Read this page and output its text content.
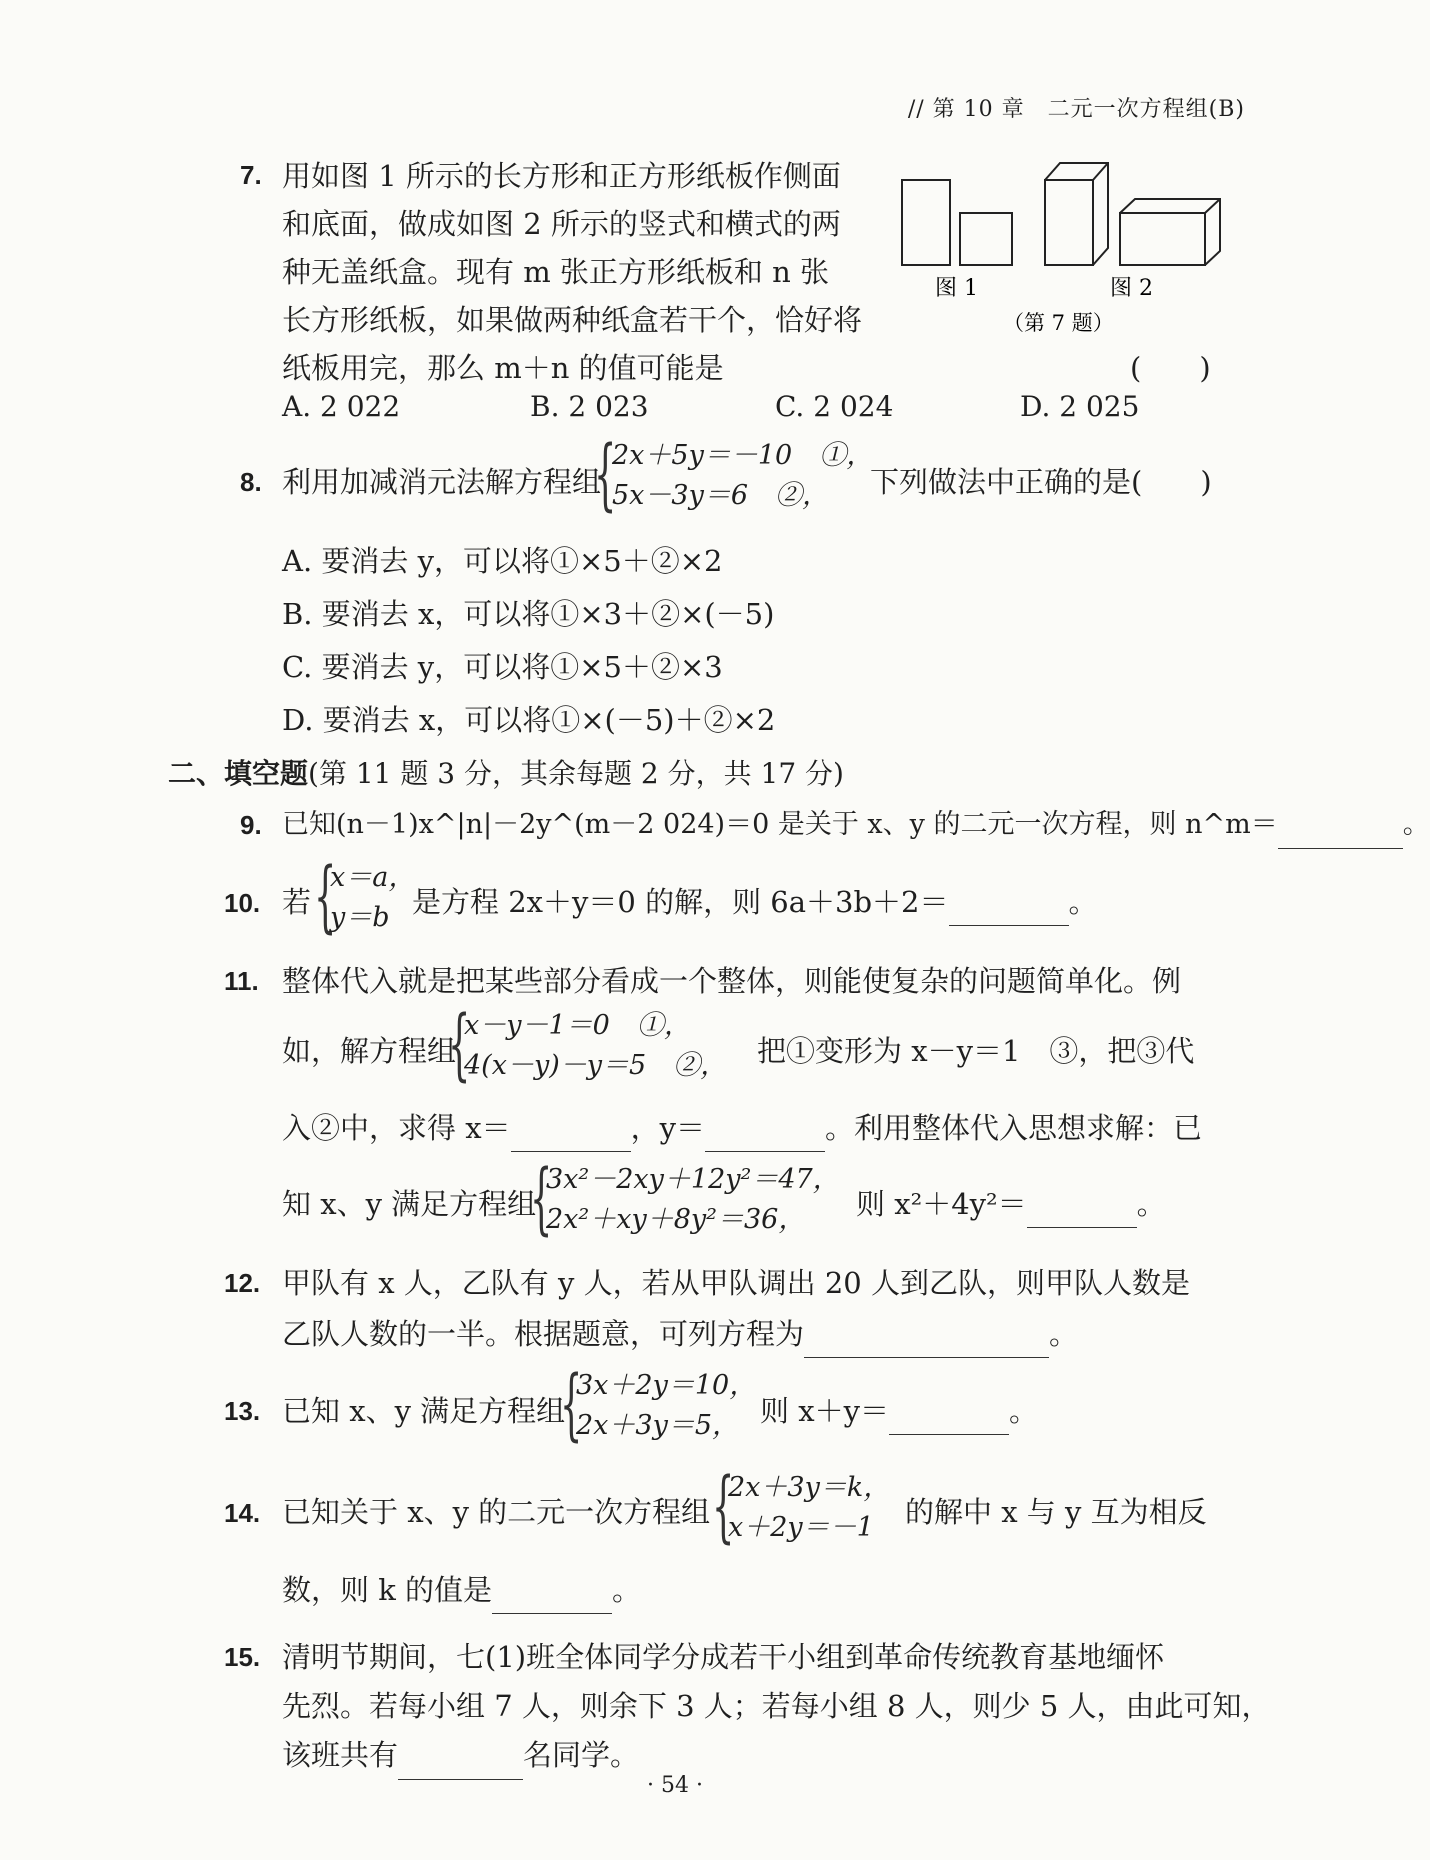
// 第 10 章　二元一次方程组(B)
7. 用如图 1 所示的长方形和正方形纸板作侧面
和底面，做成如图 2 所示的竖式和横式的两
种无盖纸盒。现有 m 张正方形纸板和 n 张
长方形纸板，如果做两种纸盒若干个，恰好将
纸板用完，那么 m＋n 的值可能是	(　　)
图 1	图 2
（第 7 题）
A. 2 022	B. 2 023	C. 2 024	D. 2 025
8. 利用加减消元法解方程组
{
2x＋5y＝－10　①，
5x－3y＝6　②，	下列做法中正确的是(　　)
A. 要消去 y，可以将①×5＋②×2
B. 要消去 x，可以将①×3＋②×(－5)
C. 要消去 y，可以将①×5＋②×3
D. 要消去 x，可以将①×(－5)＋②×2
二、填空题(第 11 题 3 分，其余每题 2 分，共 17 分)
9. 已知(n－1)x^|n|－2y^(m－2 024)＝0 是关于 x、y 的二元一次方程，则 n^m＝	。
10. 若 {
x＝a，
y＝b 是方程 2x＋y＝0 的解，则 6a＋3b＋2＝	。
11. 整体代入就是把某些部分看成一个整体，则能使复杂的问题简单化。例
如，解方程组
{
x－y－1＝0　①，
4(x－y)－y＝5　②， 把①变形为 x－y＝1　③，把③代
入②中，求得 x＝	，y＝	。利用整体代入思想求解：已
知 x、y 满足方程组
{
3x²－2xy＋12y²＝47，
2x²＋xy＋8y²＝36，	则 x²＋4y²＝	。
12. 甲队有 x 人，乙队有 y 人，若从甲队调出 20 人到乙队，则甲队人数是
乙队人数的一半。根据题意，可列方程为	。
13. 已知 x、y 满足方程组
{
3x＋2y＝10，
2x＋3y＝5， 则 x＋y＝	。
14. 已知关于 x、y 的二元一次方程组 {
2x＋3y＝k，
x＋2y＝－1	的解中 x 与 y 互为相反
数，则 k 的值是	。
15. 清明节期间，七(1)班全体同学分成若干小组到革命传统教育基地缅怀
先烈。若每小组 7 人，则余下 3 人；若每小组 8 人，则少 5 人，由此可知，
该班共有	名同学。
· 54 ·
